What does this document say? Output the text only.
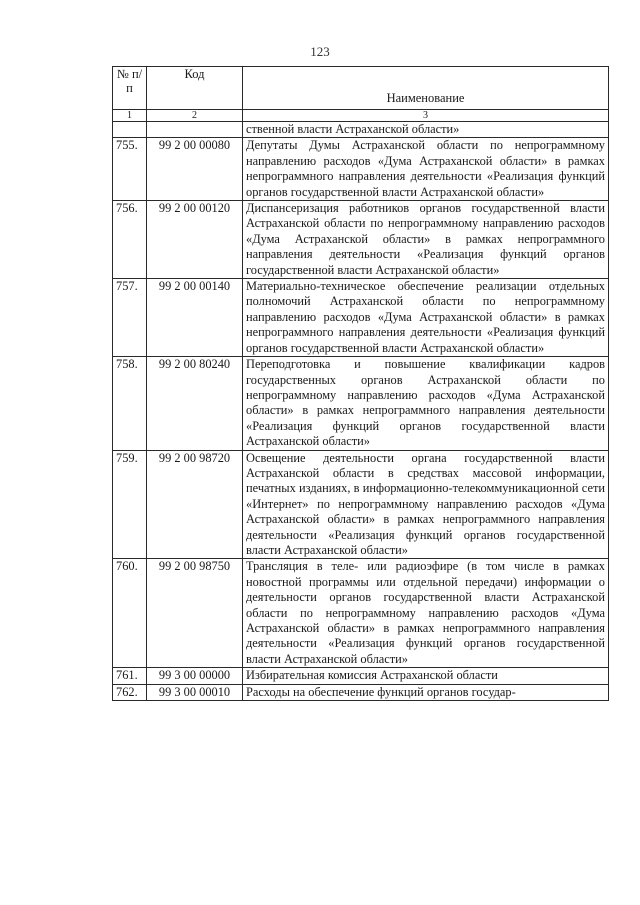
123
№ п/п	Код	Наименование
1	2	3
		ственной власти Астраханской области»
755.	99 2 00 00080	Депутаты Думы Астраханской области по непрограммному направлению расходов «Дума Астраханской области» в рамках непрограммного направления деятельности «Реализация функций органов государственной власти Астраханской области»
756.	99 2 00 00120	Диспансеризация работников органов государственной власти Астраханской области по непрограммному направлению расходов «Дума Астраханской области» в рамках непрограммного направления деятельности «Реализация функций органов государственной власти Астраханской области»
757.	99 2 00 00140	Материально-техническое обеспечение реализации отдельных полномочий Астраханской области по непрограммному направлению расходов «Дума Астраханской области» в рамках непрограммного направления деятельности «Реализация функций органов государственной власти Астраханской области»
758.	99 2 00 80240	Переподготовка и повышение квалификации кадров государственных органов Астраханской области по непрограммному направлению расходов «Дума Астраханской области» в рамках непрограммного направления деятельности «Реализация функций органов государственной власти Астраханской области»
759.	99 2 00 98720	Освещение деятельности органа государственной власти Астраханской области в средствах массовой информации, печатных изданиях, в информационно-телекоммуникационной сети «Интернет» по непрограммному направлению расходов «Дума Астраханской области» в рамках непрограммного направления деятельности «Реализация функций органов государственной власти Астраханской области»
760.	99 2 00 98750	Трансляция в теле- или радиоэфире (в том числе в рамках новостной программы или отдельной передачи) информации о деятельности органов государственной власти Астраханской области по непрограммному направлению расходов «Дума Астраханской области» в рамках непрограммного направления деятельности «Реализация функций органов государственной власти Астраханской области»
761.	99 3 00 00000	Избирательная комиссия Астраханской области
762.	99 3 00 00010	Расходы на обеспечение функций органов государ-
